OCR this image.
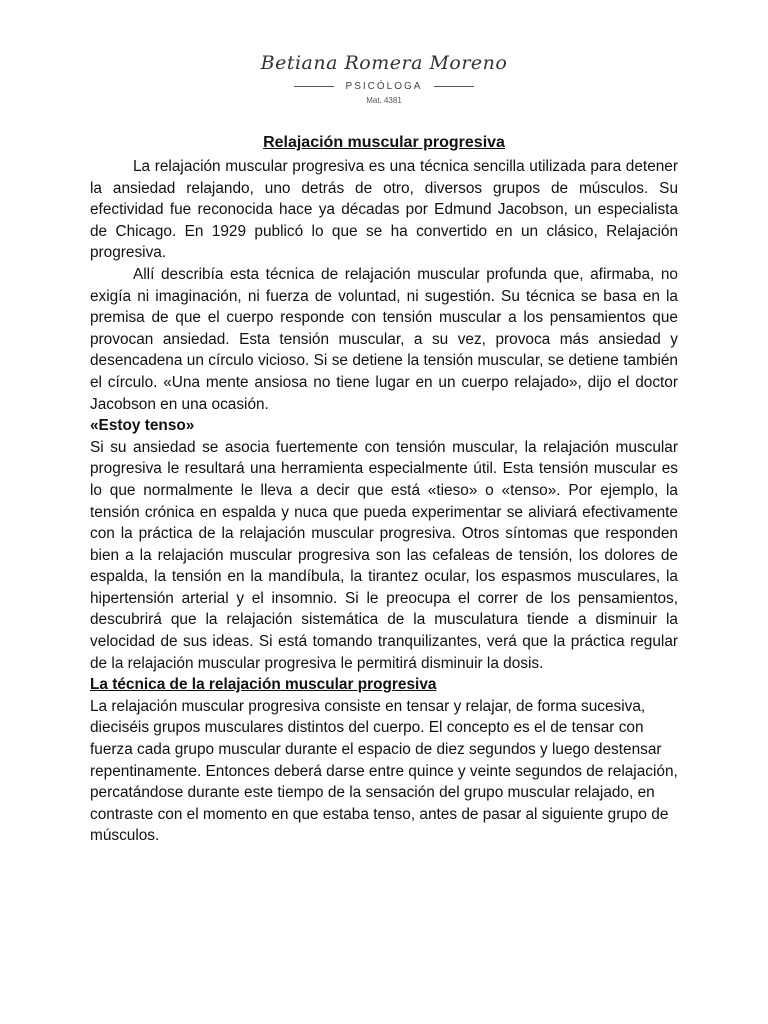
Betiana Romera Moreno
PSICÓLOGA
Mat. 4381
Relajación muscular progresiva

La relajación muscular progresiva es una técnica sencilla utilizada para detener la ansiedad relajando, uno detrás de otro, diversos grupos de músculos. Su efectividad fue reconocida hace ya décadas por Edmund Jacobson, un especialista de Chicago. En 1929 publicó lo que se ha convertido en un clásico, Relajación progresiva.

Allí describía esta técnica de relajación muscular profunda que, afirmaba, no exigía ni imaginación, ni fuerza de voluntad, ni sugestión. Su técnica se basa en la premisa de que el cuerpo responde con tensión muscular a los pensamientos que provocan ansiedad. Esta tensión muscular, a su vez, provoca más ansiedad y desencadena un círculo vicioso. Si se detiene la tensión muscular, se detiene también el círculo. «Una mente ansiosa no tiene lugar en un cuerpo relajado», dijo el doctor Jacobson en una ocasión.

«Estoy tenso»

Si su ansiedad se asocia fuertemente con tensión muscular, la relajación muscular progresiva le resultará una herramienta especialmente útil. Esta tensión muscular es lo que normalmente le lleva a decir que está «tieso» o «tenso». Por ejemplo, la tensión crónica en espalda y nuca que pueda experimentar se aliviará efectivamente con la práctica de la relajación muscular progresiva. Otros síntomas que responden bien a la relajación muscular progresiva son las cefaleas de tensión, los dolores de espalda, la tensión en la mandíbula, la tirantez ocular, los espasmos musculares, la hipertensión arterial y el insomnio. Si le preocupa el correr de los pensamientos, descubrirá que la relajación sistemática de la musculatura tiende a disminuir la velocidad de sus ideas. Si está tomando tranquilizantes, verá que la práctica regular de la relajación muscular progresiva le permitirá disminuir la dosis.

La técnica de la relajación muscular progresiva

La relajación muscular progresiva consiste en tensar y relajar, de forma sucesiva, dieciséis grupos musculares distintos del cuerpo. El concepto es el de tensar con fuerza cada grupo muscular durante el espacio de diez segundos y luego destensar repentinamente. Entonces deberá darse entre quince y veinte segundos de relajación, percatándose durante este tiempo de la sensación del grupo muscular relajado, en contraste con el momento en que estaba tenso, antes de pasar al siguiente grupo de músculos.
